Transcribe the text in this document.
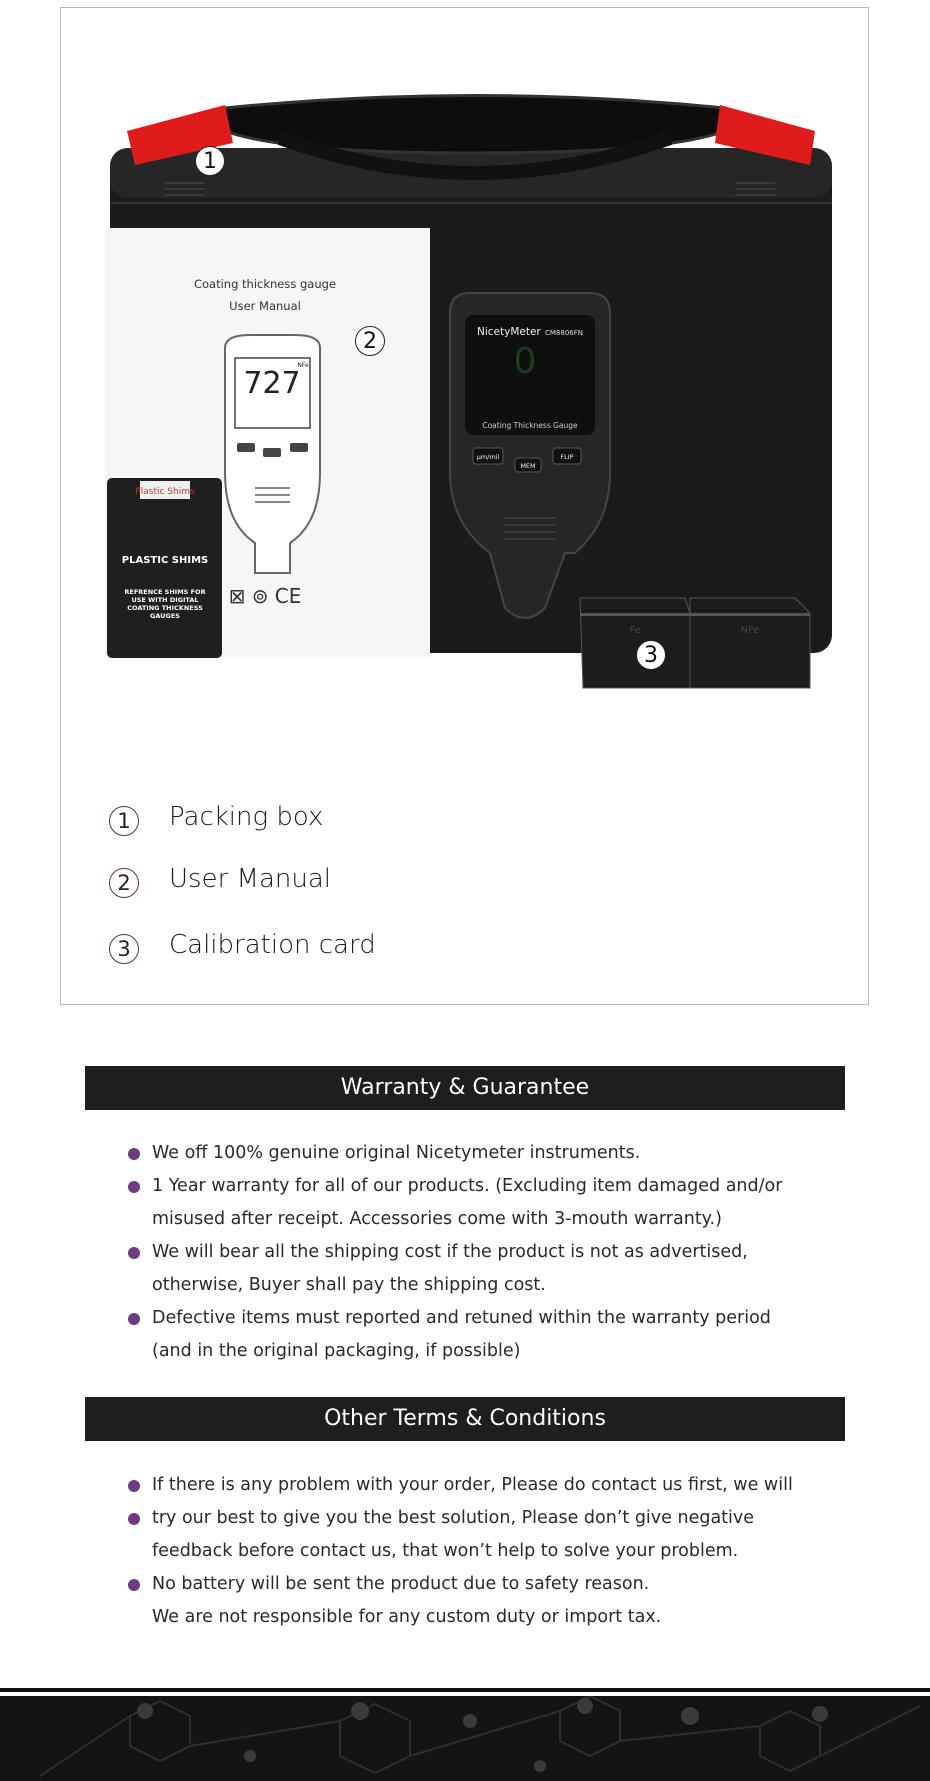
Coating thickness gauge
User Manual
727
NFe
⊠ ⊚ CE
Plastic Shims
PLASTIC SHIMS
REFRENCE SHIMS FOR USE WITH DIGITAL COATING THICKNESS GAUGES
NicetyMeter CM8806FN
0
Coating Thickness Gauge
μm/mil
MEM
FLIP
Fe	NFe
1
2
3
1	Packing box
2	User Manual
3	Calibration card
Warranty & Guarantee
We off 100% genuine original Nicetymeter instruments.
1 Year warranty for all of our products. (Excluding item damaged and/or
misused after receipt. Accessories come with 3-mouth warranty.)
We will bear all the shipping cost if the product is not as advertised,
otherwise, Buyer shall pay the shipping cost.
Defective items must reported and retuned within the warranty period
(and in the original packaging, if possible)
Other Terms & Conditions
If there is any problem with your order, Please do contact us first, we will
try our best to give you the best solution, Please don’t give negative
feedback before contact us, that won’t help to solve your problem.
No battery will be sent the product due to safety reason.
We are not responsible for any custom duty or import tax.
